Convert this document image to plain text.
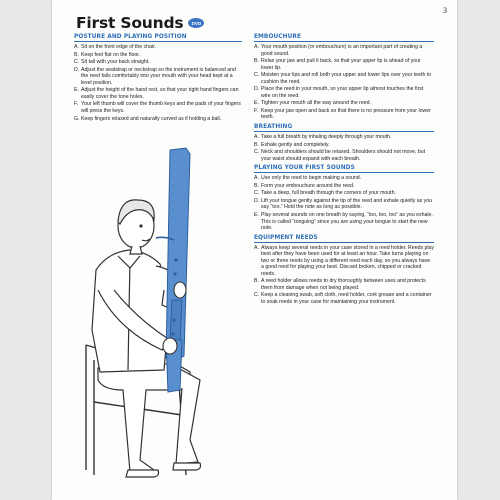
3
First Sounds	DVD
POSTURE AND PLAYING POSITION
A. Sit on the front edge of the chair.
B. Keep feet flat on the floor.
C. Sit tall with your back straight.
D. Adjust the seatstrap or neckstrap so the instrument is balanced and the reed falls comfortably into your mouth with your head kept at a level position.
E. Adjust the height of the hand rest, so that your right hand fingers can easily cover the tone holes.
F. Your left thumb will cover the thumb keys and the pads of your fingers will press the keys.
G. Keep fingers relaxed and naturally curved as if holding a ball.
EMBOUCHURE
A. Your mouth position (or embouchure) is an important part of creating a good sound.
B. Relax your jaw and pull it back, so that your upper lip is ahead of your lower lip.
C. Moisten your lips and roll both your upper and lower lips over your teeth to cushion the reed.
D. Place the reed in your mouth, so your upper lip almost touches the first wire on the reed.
E. Tighten your mouth all the way around the reed.
F. Keep your jaw open and back so that there is no pressure from your lower teeth.
BREATHING
A. Take a full breath by inhaling deeply through your mouth.
B. Exhale gently and completely.
C. Neck and shoulders should be relaxed. Shoulders should not move, but your waist should expand with each breath.
PLAYING YOUR FIRST SOUNDS
A. Use only the reed to begin making a sound.
B. Form your embouchure around the reed.
C. Take a deep, full breath through the corners of your mouth.
D. Lift your tongue gently against the tip of the reed and exhale quietly as you say “too.” Hold the note as long as possible.
E. Play several sounds on one breath by saying, “too, too, too” as you exhale. This is called “tonguing” since you are using your tongue to start the new note.
EQUIPMENT NEEDS
A. Always keep several reeds in your case stored in a reed holder. Reeds play best after they have been used for at least an hour. Take turns playing on two or three reeds by using a different reed each day, so you always have a good reed for playing your best. Discard broken, chipped or cracked reeds.
B. A reed holder allows reeds to dry thoroughly between uses and protects them from damage when not being played.
C. Keep a cleaning swab, soft cloth, reed holder, cork grease and a container to soak reeds in your case for maintaining your instrument.
